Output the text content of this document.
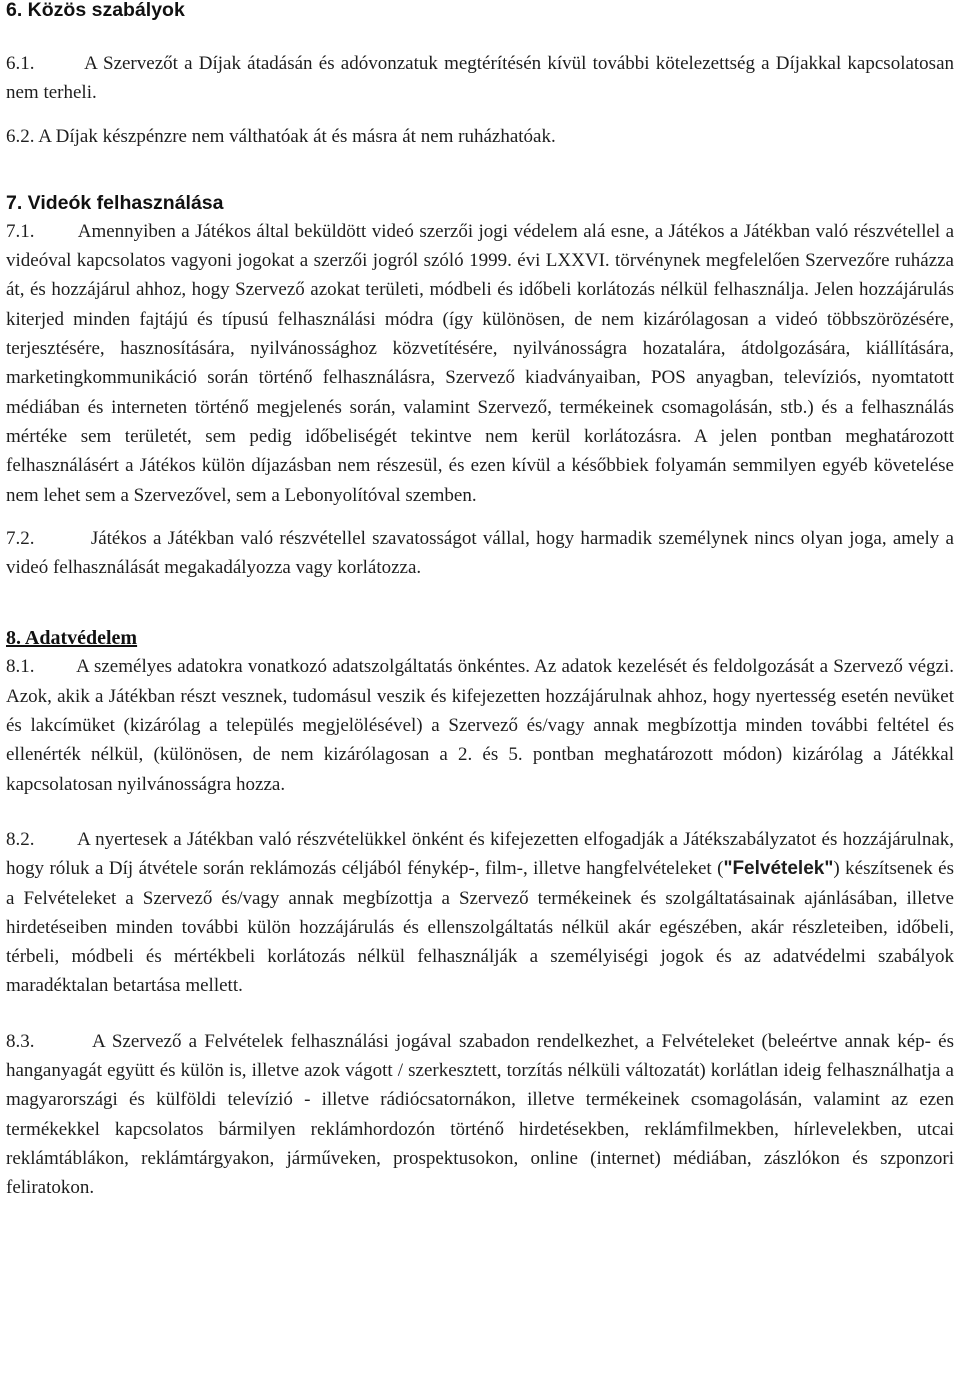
6. Közös szabályok

6.1.	A Szervezőt a Díjak átadásán és adóvonzatuk megtérítésén kívül további kötelezettség a Díjakkal kapcsolatosan nem terheli.

6.2. A Díjak készpénzre nem válthatóak át és másra át nem ruházhatóak.

7. Videók felhasználása

7.1. Amennyiben a Játékos által beküldött videó szerzői jogi védelem alá esne, a Játékos a Játékban való részvétellel a videóval kapcsolatos vagyoni jogokat a szerzői jogról szóló 1999. évi LXXVI. törvénynek megfelelően Szervezőre ruházza át, és hozzájárul ahhoz, hogy Szervező azokat területi, módbeli és időbeli korlátozás nélkül felhasználja. Jelen hozzájárulás kiterjed minden fajtájú és típusú felhasználási módra (így különösen, de nem kizárólagosan a videó többszörözésére, terjesztésére, hasznosítására, nyilvánossághoz közvetítésére, nyilvánosságra hozatalára, átdolgozására, kiállítására, marketingkommunikáció során történő felhasználásra, Szervező kiadványaiban, POS anyagban, televíziós, nyomtatott médiában és interneten történő megjelenés során, valamint Szervező, termékeinek csomagolásán, stb.) és a felhasználás mértéke sem területét, sem pedig időbeliségét tekintve nem kerül korlátozásra. A jelen pontban meghatározott felhasználásért a Játékos külön díjazásban nem részesül, és ezen kívül a későbbiek folyamán semmilyen egyéb követelése nem lehet sem a Szervezővel, sem a Lebonyolítóval szemben.

7.2.	Játékos a Játékban való részvétellel szavatosságot vállal, hogy harmadik személynek nincs olyan joga, amely a videó felhasználását megakadályozza vagy korlátozza.

8. Adatvédelem

8.1. A személyes adatokra vonatkozó adatszolgáltatás önkéntes. Az adatok kezelését és feldolgozását a Szervező végzi. Azok, akik a Játékban részt vesznek, tudomásul veszik és kifejezetten hozzájárulnak ahhoz, hogy nyertesség esetén nevüket és lakcímüket (kizárólag a település megjelölésével) a Szervező és/vagy annak megbízottja minden további feltétel és ellenérték nélkül, (különösen, de nem kizárólagosan a 2. és 5. pontban meghatározott módon) kizárólag a Játékkal kapcsolatosan nyilvánosságra hozza.

8.2. A nyertesek a Játékban való részvételükkel önként és kifejezetten elfogadják a Játékszabályzatot és hozzájárulnak, hogy róluk a Díj átvétele során reklámozás céljából fénykép-, film-, illetve hangfelvételeket ("Felvételek") készítsenek és a Felvételeket a Szervező és/vagy annak megbízottja a Szervező termékeinek és szolgáltatásainak ajánlásában, illetve hirdetéseiben minden további külön hozzájárulás és ellenszolgáltatás nélkül akár egészében, akár részleteiben, időbeli, térbeli, módbeli és mértékbeli korlátozás nélkül felhasználják a személyiségi jogok és az adatvédelmi szabályok maradéktalan betartása mellett.

8.3.	A Szervező a Felvételek felhasználási jogával szabadon rendelkezhet, a Felvételeket (beleértve annak kép- és hanganyagát együtt és külön is, illetve azok vágott / szerkesztett, torzítás nélküli változatát) korlátlan ideig felhasználhatja a magyarországi és külföldi televízió - illetve rádiócsatornákon, illetve termékeinek csomagolásán, valamint az ezen termékekkel kapcsolatos bármilyen reklámhordozón történő hirdetésekben, reklámfilmekben, hírlevelekben, utcai reklámtáblákon, reklámtárgyakon, járműveken, prospektusokon, online (internet) médiában, zászlókon és szponzori feliratokon.
